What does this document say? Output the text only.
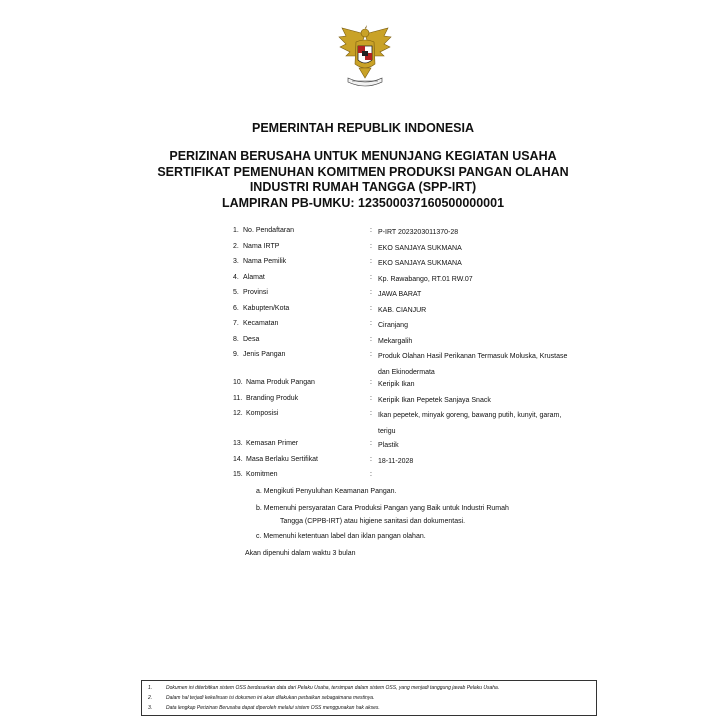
PEMERINTAH REPUBLIK INDONESIA
PERIZINAN BERUSAHA UNTUK MENUNJANG KEGIATAN USAHA
SERTIFIKAT PEMENUHAN KOMITMEN PRODUKSI PANGAN OLAHAN
INDUSTRI RUMAH TANGGA (SPP-IRT)
LAMPIRAN PB-UMKU: 123500037160500000001
1. No. Pendaftaran	: P-IRT 2023203011370-28
2. Nama IRTP	: EKO SANJAYA SUKMANA
3. Nama Pemilik	: EKO SANJAYA SUKMANA
4. Alamat	: Kp. Rawabango, RT.01 RW.07
5. Provinsi	: JAWA BARAT
6. Kabupten/Kota	: KAB. CIANJUR
7. Kecamatan	: Ciranjang
8. Desa	: Mekargalih
9. Jenis Pangan	: Produk Olahan Hasil Perikanan Termasuk Moluska, Krustase
dan Ekinodermata
10. Nama Produk Pangan	: Keripik Ikan
11. Branding Produk	: Keripik Ikan Pepetek Sanjaya Snack
12. Komposisi	: Ikan pepetek, minyak goreng, bawang putih, kunyit, garam,
terigu
13. Kemasan Primer	: Plastik
14. Masa Berlaku Sertifikat	: 18-11-2028
15. Komitmen	:
a. Mengikuti Penyuluhan Keamanan Pangan.
b. Memenuhi persyaratan Cara Produksi Pangan yang Baik untuk Industri Rumah
Tangga (CPPB-IRT) atau higiene sanitasi dan dokumentasi.
c. Memenuhi ketentuan label dan iklan pangan olahan.
Akan dipenuhi dalam waktu 3 bulan
1.	Dokumen ini diterbitkan sistem OSS berdasarkan data dari Pelaku Usaha, tersimpan dalam sistem OSS, yang menjadi tanggung jawab Pelaku Usaha.
2.	Dalam hal terjadi kekeliruan isi dokumen ini akan dilakukan perbaikan sebagaimana mestinya.
3.	Data lengkap Perizinan Berusaha dapat diperoleh melalui sistem OSS menggunakan hak akses.
